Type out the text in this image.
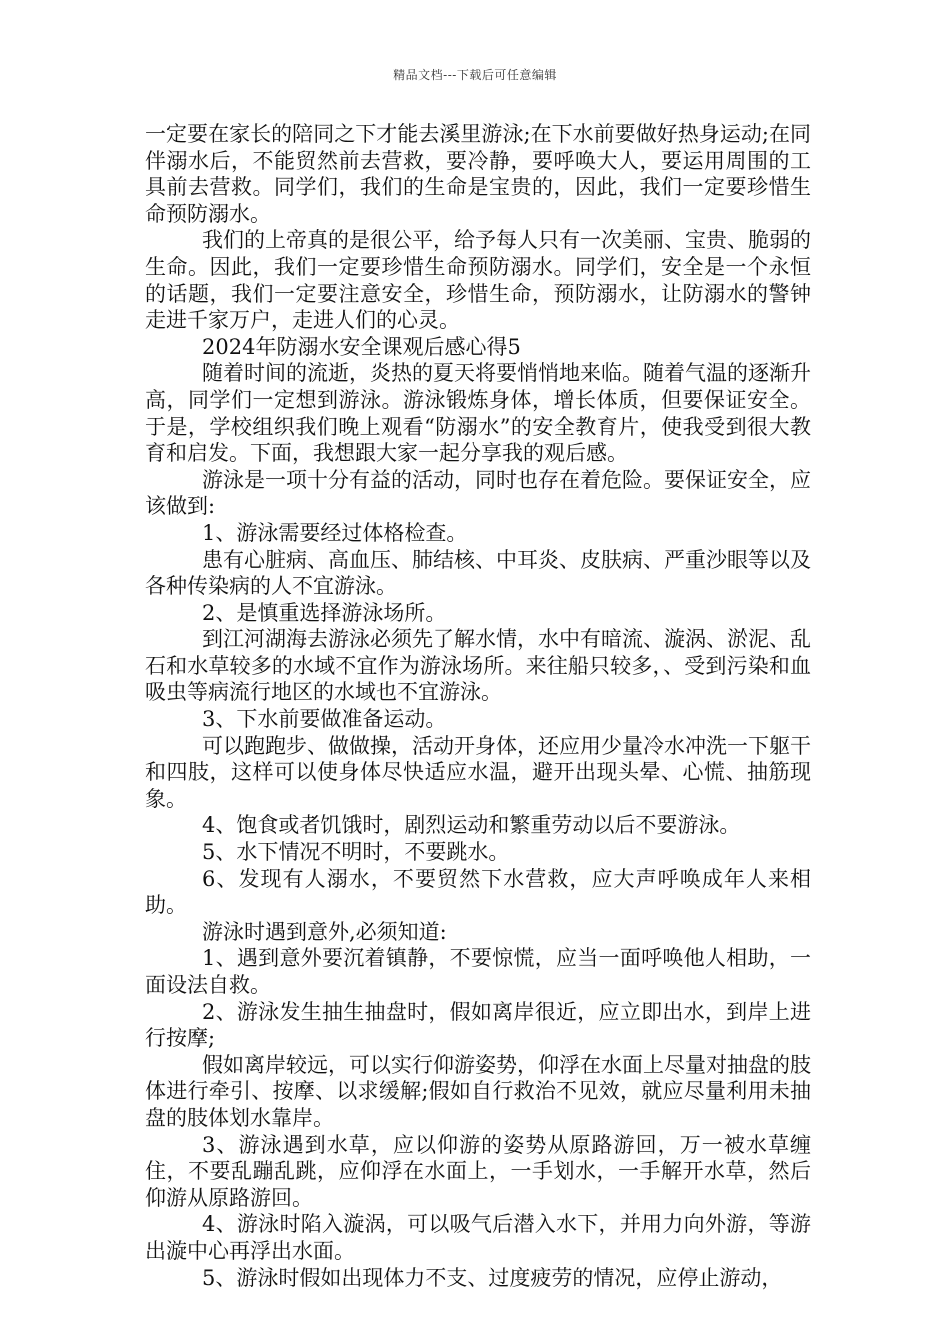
精品文档---下载后可任意编辑

一定要在家长的陪同之下才能去溪里游泳;在下水前要做好热身运动;在同伴溺水后，不能贸然前去营救，要冷静，要呼唤大人，要运用周围的工具前去营救。同学们，我们的生命是宝贵的，因此，我们一定要珍惜生命预防溺水。

我们的上帝真的是很公平，给予每人只有一次美丽、宝贵、脆弱的生命。因此，我们一定要珍惜生命预防溺水。同学们，安全是一个永恒的话题，我们一定要注意安全，珍惜生命，预防溺水，让防溺水的警钟走进千家万户，走进人们的心灵。

2024年防溺水安全课观后感心得5

随着时间的流逝，炎热的夏天将要悄悄地来临。随着气温的逐渐升高，同学们一定想到游泳。游泳锻炼身体，增长体质，但要保证安全。于是，学校组织我们晚上观看“防溺水”的安全教育片，使我受到很大教育和启发。下面，我想跟大家一起分享我的观后感。

游泳是一项十分有益的活动，同时也存在着危险。要保证安全，应该做到:

1、游泳需要经过体格检查。

患有心脏病、高血压、肺结核、中耳炎、皮肤病、严重沙眼等以及各种传染病的人不宜游泳。

2、是慎重选择游泳场所。

到江河湖海去游泳必须先了解水情，水中有暗流、漩涡、淤泥、乱石和水草较多的水域不宜作为游泳场所。来往船只较多，、受到污染和血吸虫等病流行地区的水域也不宜游泳。

3、下水前要做准备运动。

可以跑跑步、做做操，活动开身体，还应用少量冷水冲洗一下躯干和四肢，这样可以使身体尽快适应水温，避开出现头晕、心慌、抽筋现象。

4、饱食或者饥饿时，剧烈运动和繁重劳动以后不要游泳。

5、水下情况不明时，不要跳水。

6、发现有人溺水，不要贸然下水营救，应大声呼唤成年人来相助。

游泳时遇到意外,必须知道:

1、遇到意外要沉着镇静，不要惊慌，应当一面呼唤他人相助，一面设法自救。

2、游泳发生抽生抽盘时，假如离岸很近，应立即出水，到岸上进行按摩;

假如离岸较远，可以实行仰游姿势，仰浮在水面上尽量对抽盘的肢体进行牵引、按摩、以求缓解;假如自行救治不见效，就应尽量利用未抽盘的肢体划水靠岸。

3、游泳遇到水草，应以仰游的姿势从原路游回，万一被水草缠住，不要乱蹦乱跳，应仰浮在水面上，一手划水，一手解开水草，然后仰游从原路游回。

4、游泳时陷入漩涡，可以吸气后潜入水下，并用力向外游，等游出漩中心再浮出水面。

5、游泳时假如出现体力不支、过度疲劳的情况，应停止游动，
